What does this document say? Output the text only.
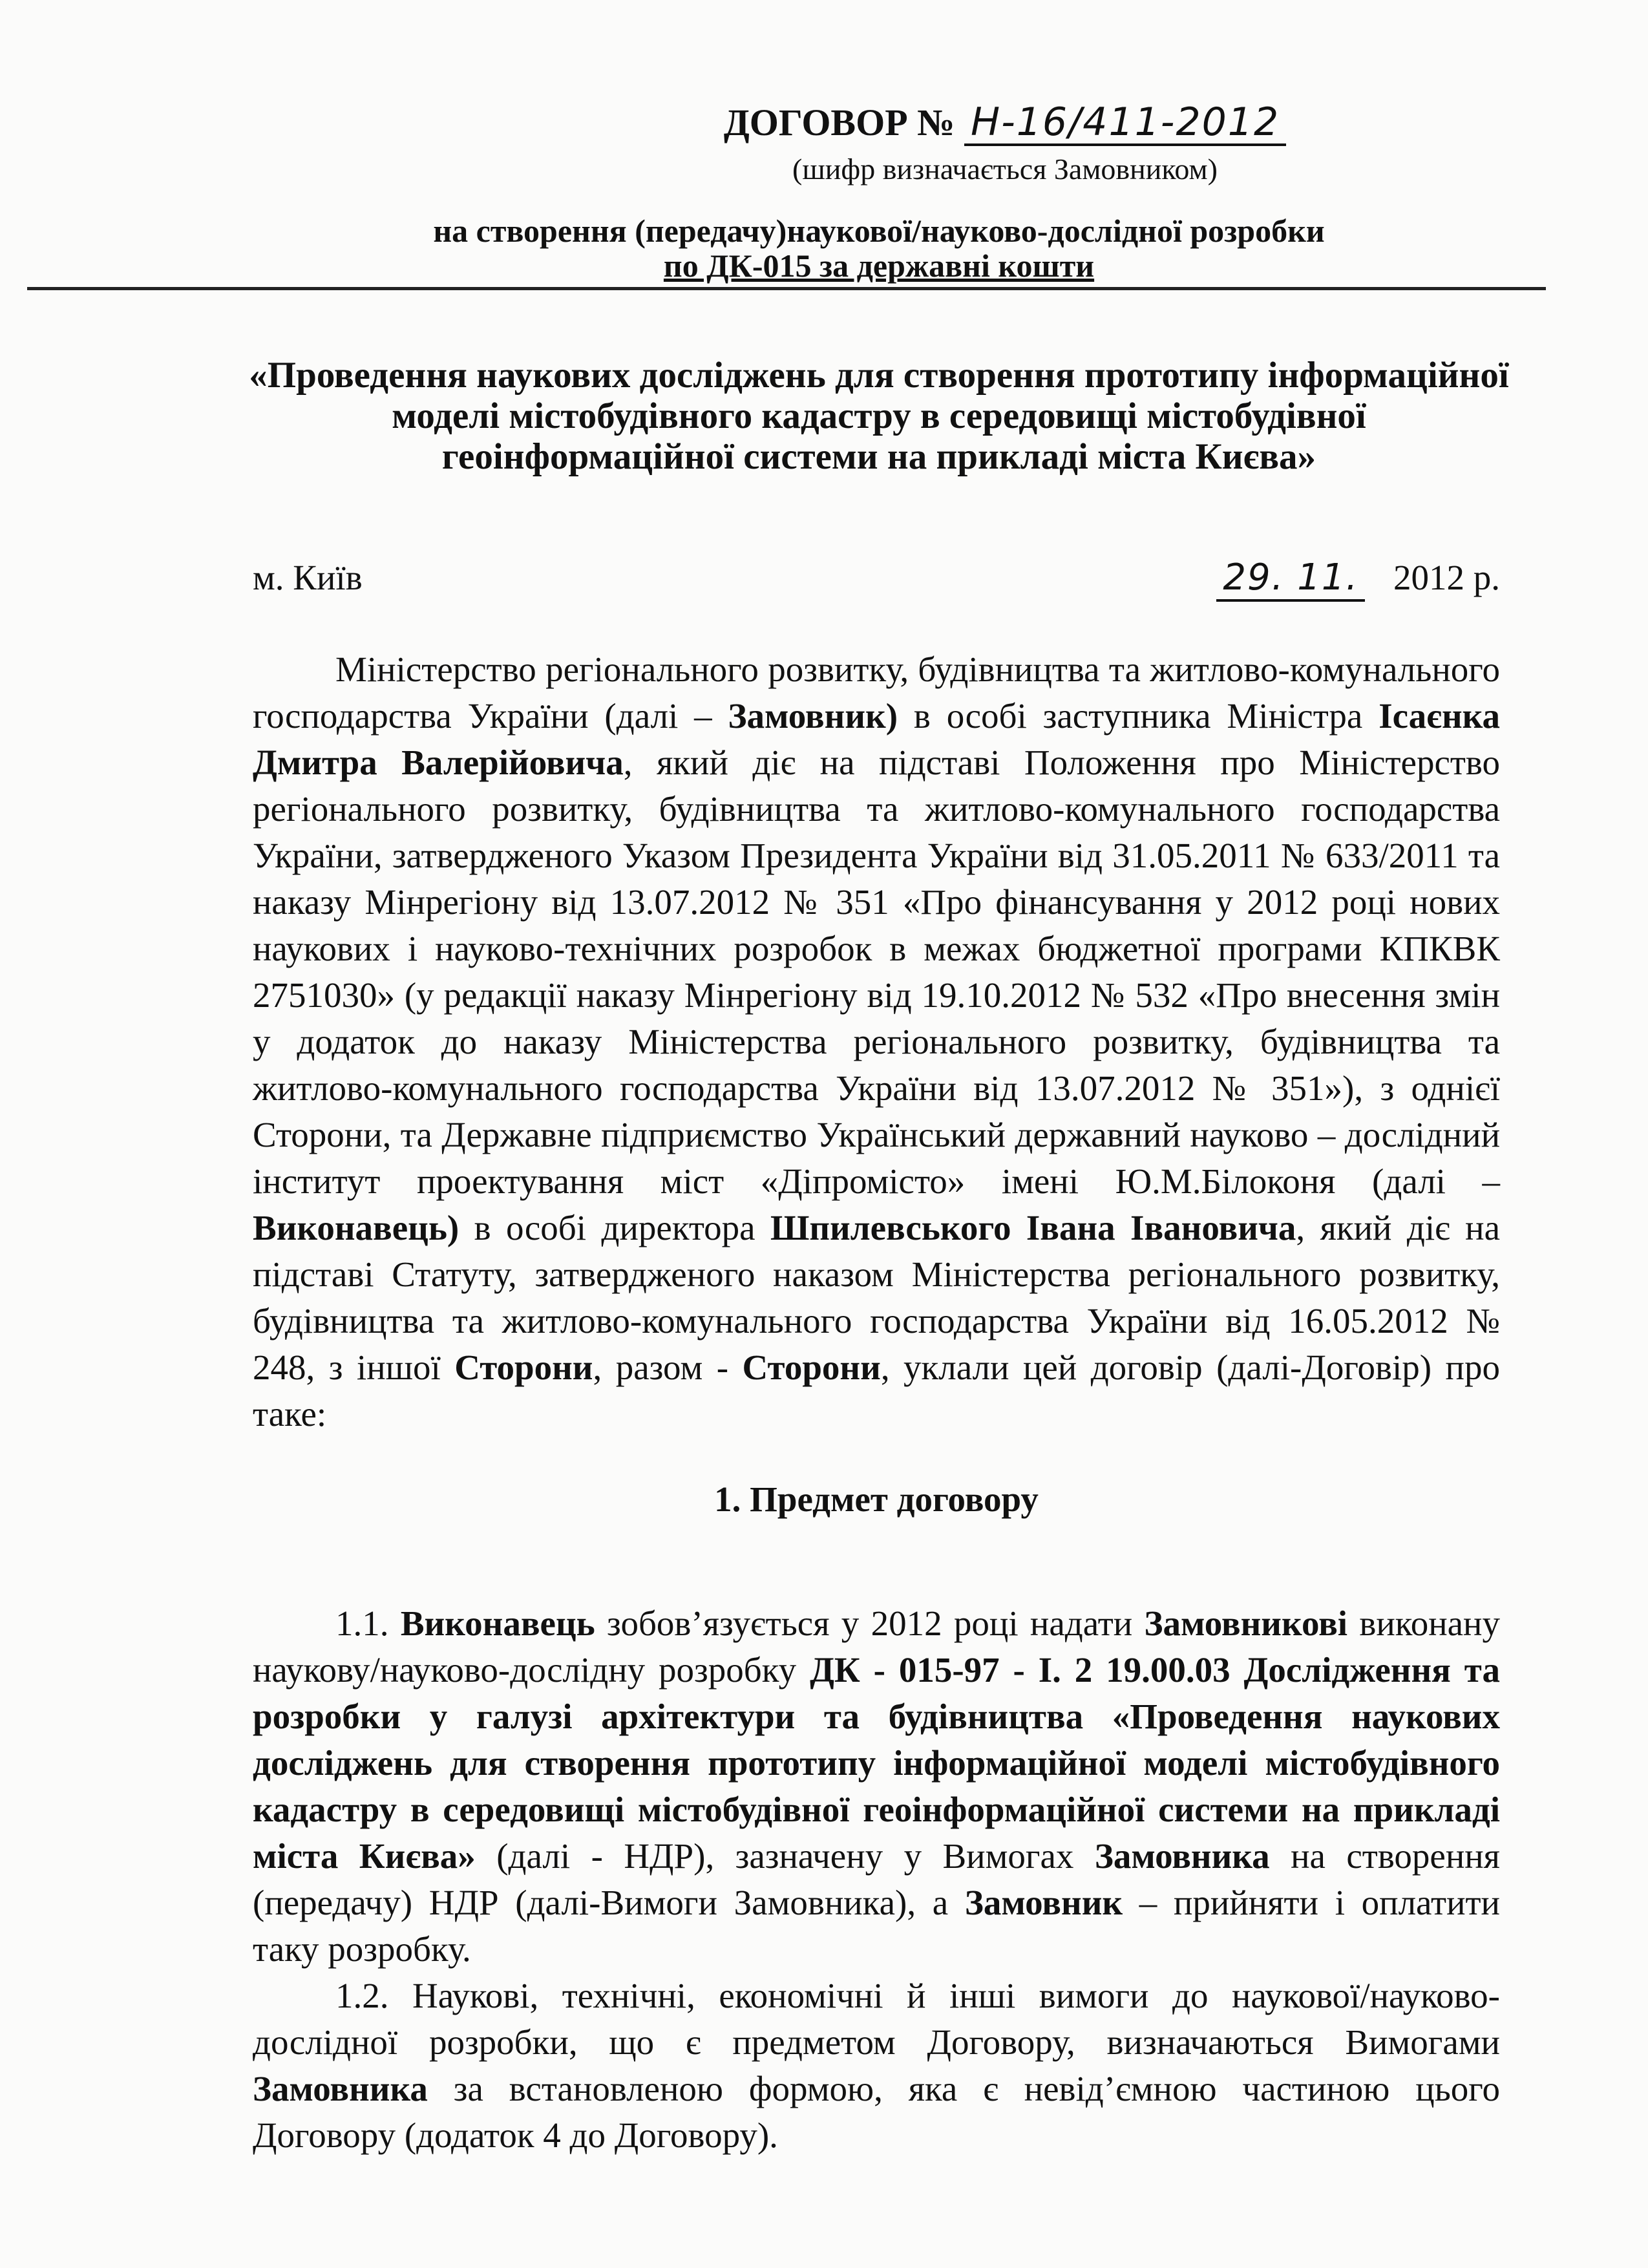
ДОГОВОР № Н-16/411-2012
(шифр визначається Замовником)
на створення (передачу)наукової/науково-дослідної розробки
по ДК-015 за державні кошти
«Проведення наукових досліджень для створення прототипу інформаційної
моделі містобудівного кадастру в середовищі містобудівної
геоінформаційної системи на прикладі міста Києва»
м. Київ	29. 11. 2012 р.
Міністерство регіонального розвитку, будівництва та житлово-комунального господарства України (далі – Замовник) в особі заступника Міністра Ісаєнка Дмитра Валерійовича, який діє на підставі Положення про Міністерство регіонального розвитку, будівництва та житлово-комунального господарства України, затвердженого Указом Президента України від 31.05.2011 № 633/2011 та наказу Мінрегіону від 13.07.2012 № 351 «Про фінансування у 2012 році нових наукових і науково-технічних розробок в межах бюджетної програми КПКВК 2751030» (у редакції наказу Мінрегіону від 19.10.2012 № 532 «Про внесення змін у додаток до наказу Міністерства регіонального розвитку, будівництва та житлово-комунального господарства України від 13.07.2012 № 351»), з однієї Сторони, та Державне підприємство Український державний науково – дослідний інститут проектування міст «Діпромісто» імені Ю.М.Білоконя (далі – Виконавець) в особі директора Шпилевського Івана Івановича, який діє на підставі Статуту, затвердженого наказом Міністерства регіонального розвитку, будівництва та житлово-комунального господарства України від 16.05.2012 № 248, з іншої Сторони, разом - Сторони, уклали цей договір (далі-Договір) про таке:
1. Предмет договору
1.1. Виконавець зобов’язується у 2012 році надати Замовникові виконану наукову/науково-дослідну розробку ДК - 015-97 - І. 2 19.00.03 Дослідження та розробки у галузі архітектури та будівництва «Проведення наукових досліджень для створення прототипу інформаційної моделі містобудівного кадастру в середовищі містобудівної геоінформаційної системи на прикладі міста Києва» (далі - НДР), зазначену у Вимогах Замовника на створення (передачу) НДР (далі-Вимоги Замовника), а Замовник – прийняти і оплатити таку розробку.
1.2. Наукові, технічні, економічні й інші вимоги до наукової/науково-дослідної розробки, що є предметом Договору, визначаються Вимогами Замовника за встановленою формою, яка є невід’ємною частиною цього Договору (додаток 4 до Договору).
